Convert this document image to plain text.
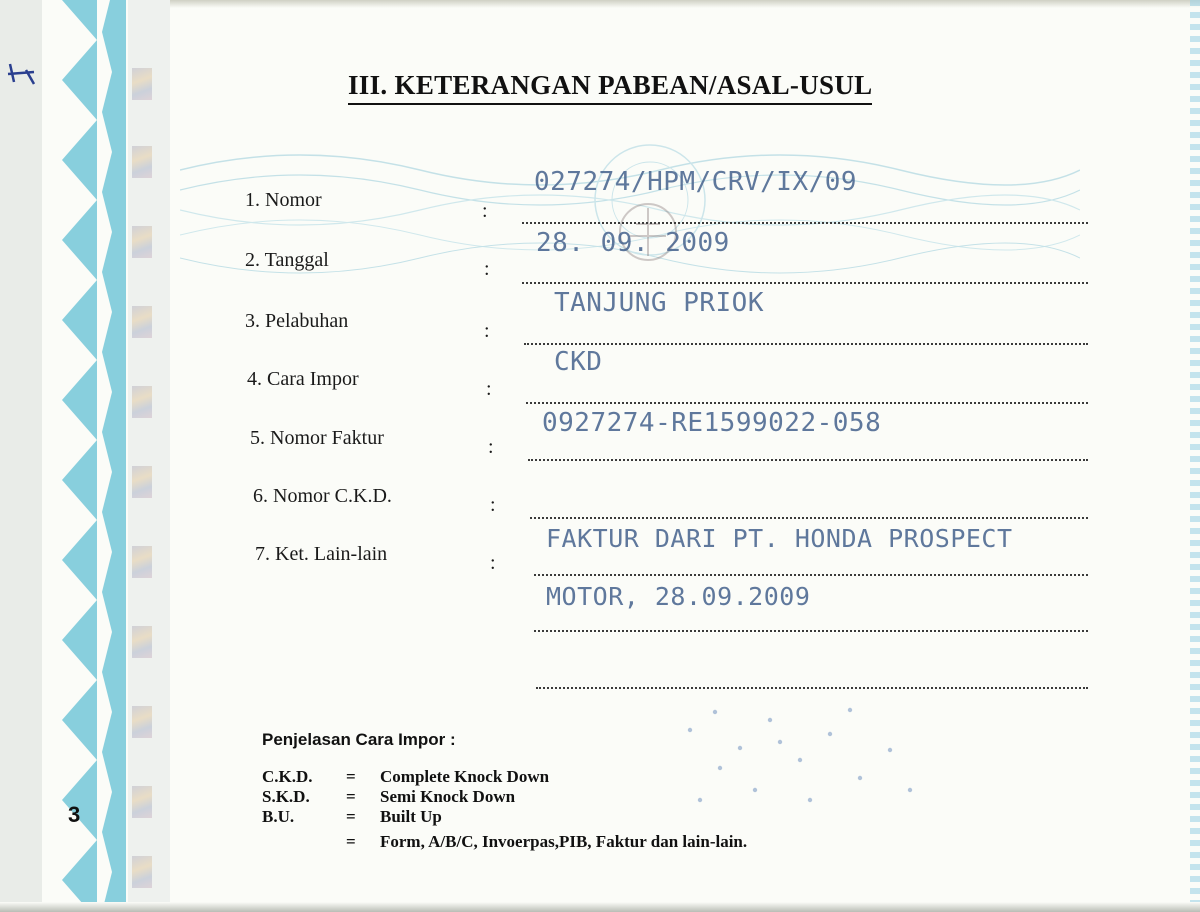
III. KETERANGAN PABEAN/ASAL-USUL
1. Nomor	:
027274/HPM/CRV/IX/09
2. Tanggal	:
28. 09. 2009
3. Pelabuhan	:
TANJUNG PRIOK
4. Cara Impor	:
CKD
5. Nomor Faktur	:
0927274-RE1599022-058
6. Nomor C.K.D.	:
7. Ket. Lain-lain	:
FAKTUR DARI PT. HONDA PROSPECT
MOTOR, 28.09.2009
Penjelasan Cara Impor :
C.K.D. = Complete Knock Down
S.K.D. = Semi Knock Down
B.U.	= Built Up
= Form, A/B/C, Invoerpas,PIB, Faktur dan lain-lain.
3
